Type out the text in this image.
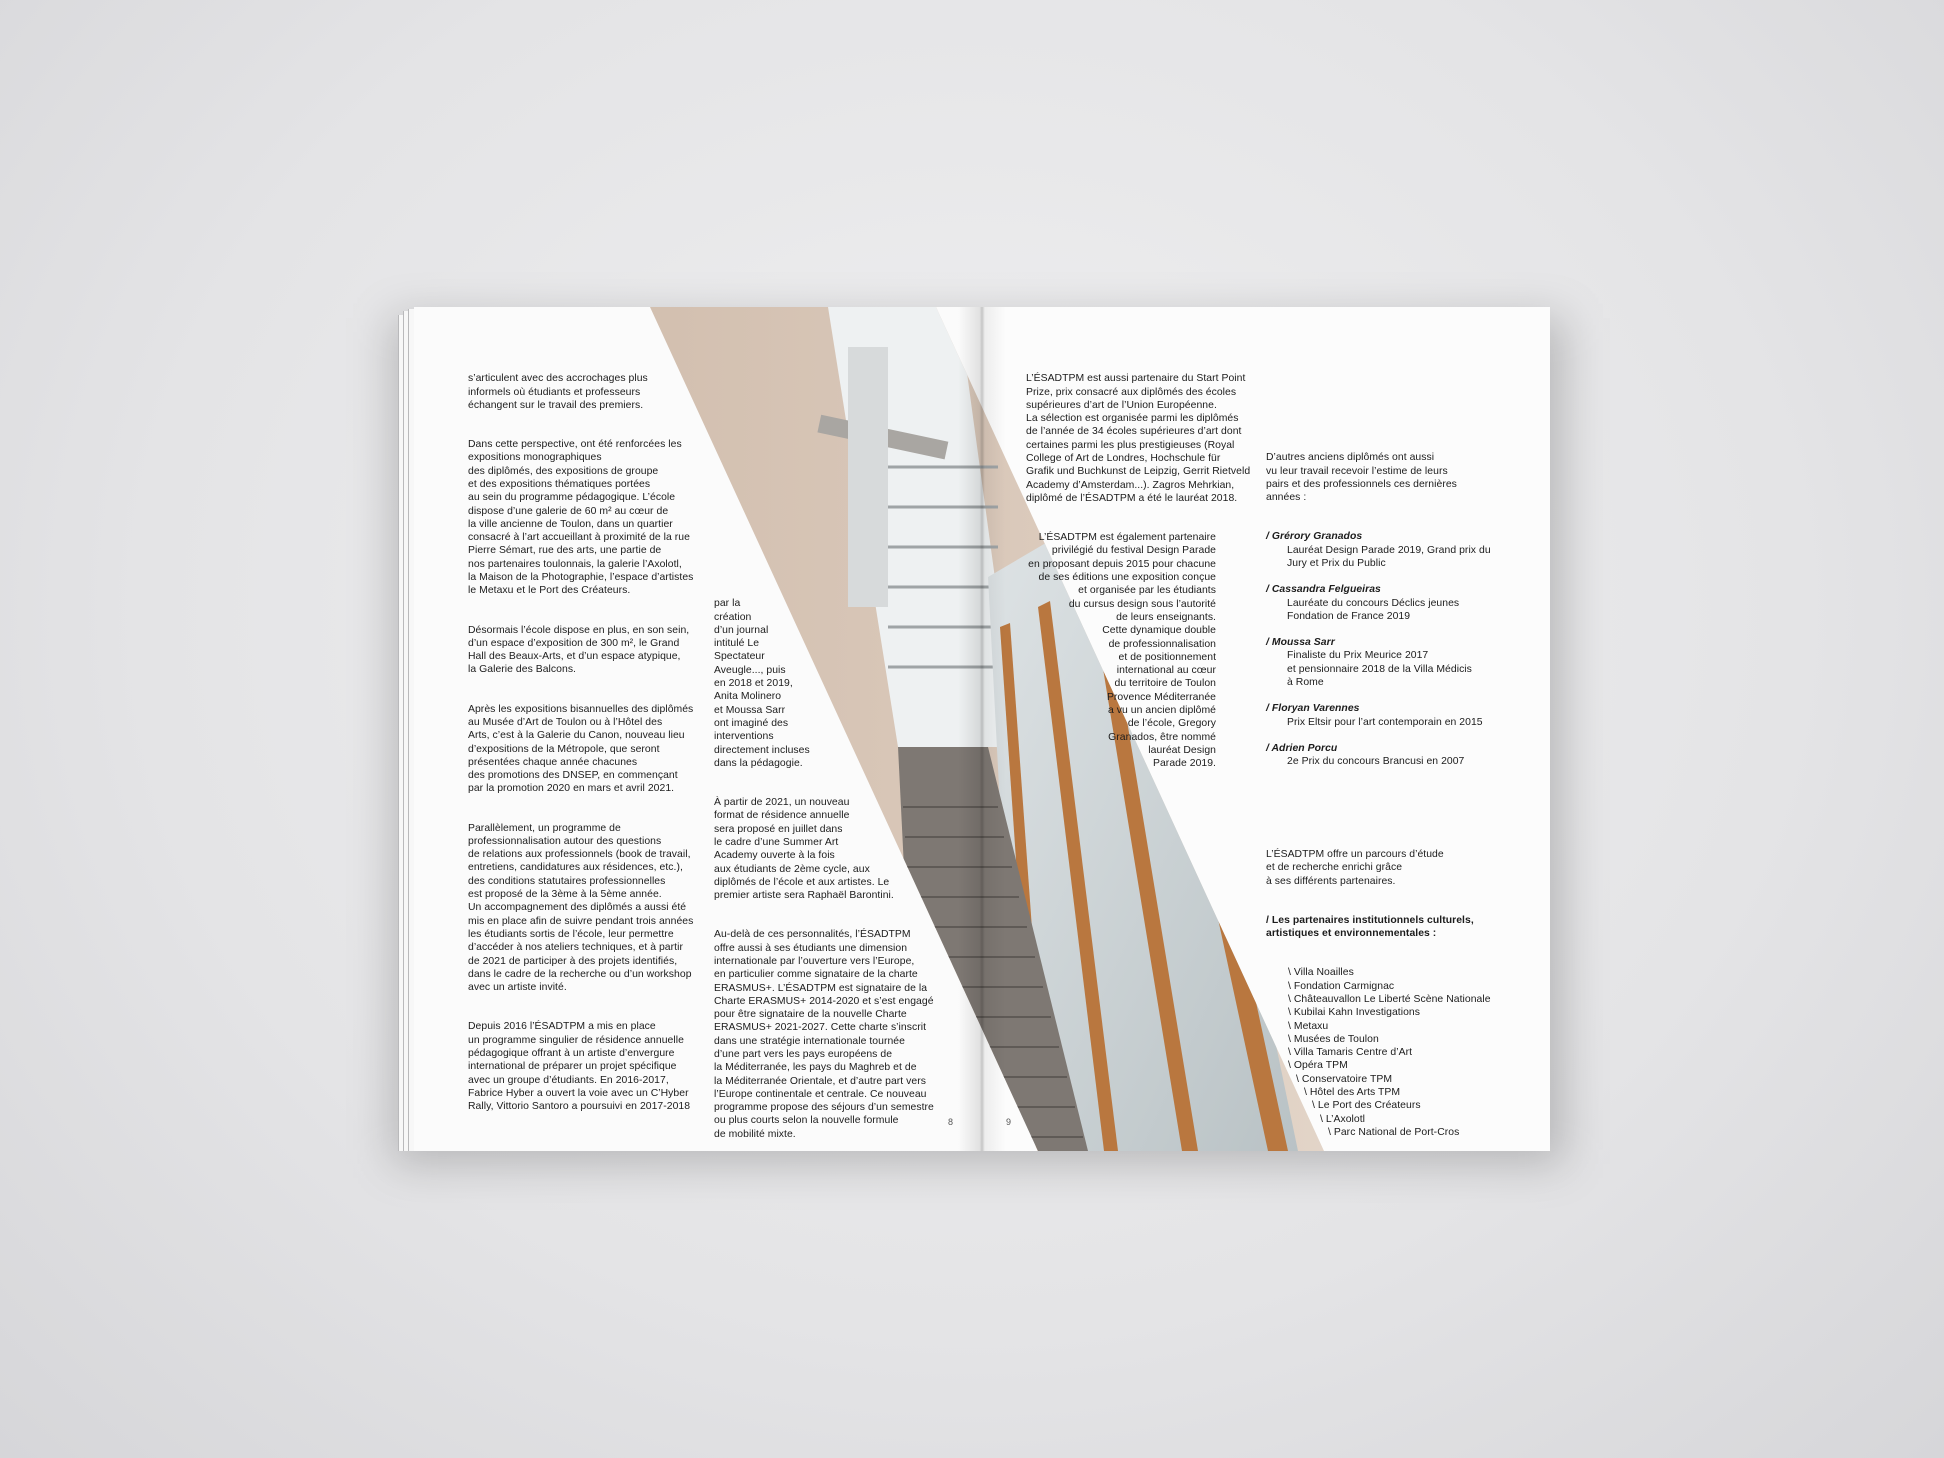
s’articulent avec des accrochages plus
informels où étudiants et professeurs
échangent sur le travail des premiers.

Dans cette perspective, ont été renforcées les
expositions monographiques
des diplômés, des expositions de groupe
et des expositions thématiques portées
au sein du programme pédagogique. L’école
dispose d’une galerie de 60 m² au cœur de
la ville ancienne de Toulon, dans un quartier
consacré à l’art accueillant à proximité de la rue
Pierre Sémart, rue des arts, une partie de
nos partenaires toulonnais, la galerie l’Axolotl,
la Maison de la Photographie, l’espace d’artistes
le Metaxu et le Port des Créateurs.

Désormais l’école dispose en plus, en son sein,
d’un espace d’exposition de 300 m², le Grand
Hall des Beaux-Arts, et d’un espace atypique,
la Galerie des Balcons.

Après les expositions bisannuelles des diplômés
au Musée d’Art de Toulon ou à l’Hôtel des
Arts, c’est à la Galerie du Canon, nouveau lieu
d’expositions de la Métropole, que seront
présentées chaque année chacunes
des promotions des DNSEP, en commençant
par la promotion 2020 en mars et avril 2021.

Parallèlement, un programme de
professionnalisation autour des questions
de relations aux professionnels (book de travail,
entretiens, candidatures aux résidences, etc.),
des conditions statutaires professionnelles
est proposé de la 3ème à la 5ème année.
Un accompagnement des diplômés a aussi été
mis en place afin de suivre pendant trois années
les étudiants sortis de l’école, leur permettre
d’accéder à nos ateliers techniques, et à partir
de 2021 de participer à des projets identifiés,
dans le cadre de la recherche ou d’un workshop
avec un artiste invité.

Depuis 2016 l’ÉSADTPM a mis en place
un programme singulier de résidence annuelle
pédagogique offrant à un artiste d’envergure
international de préparer un projet spécifique
avec un groupe d’étudiants. En 2016-2017,
Fabrice Hyber a ouvert la voie avec un C’Hyber
Rally, Vittorio Santoro a poursuivi en 2017-2018

par la
création
d’un journal
intitulé Le
Spectateur
Aveugle..., puis
en 2018 et 2019,
Anita Molinero
et Moussa Sarr
ont imaginé des
interventions
directement incluses
dans la pédagogie.

À partir de 2021, un nouveau
format de résidence annuelle
sera proposé en juillet dans
le cadre d’une Summer Art
Academy ouverte à la fois
aux étudiants de 2ème cycle, aux
diplômés de l’école et aux artistes. Le
premier artiste sera Raphaël Barontini.

Au-delà de ces personnalités, l’ÉSADTPM
offre aussi à ses étudiants une dimension
internationale par l’ouverture vers l’Europe,
en particulier comme signataire de la charte
ERASMUS+. L’ÉSADTPM est signataire de la
Charte ERASMUS+ 2014-2020 et s’est engagé
pour être signataire de la nouvelle Charte
ERASMUS+ 2021-2027. Cette charte s’inscrit
dans une stratégie internationale tournée
d’une part vers les pays européens de
la Méditerranée, les pays du Maghreb et de
la Méditerranée Orientale, et d’autre part vers
l’Europe continentale et centrale. Ce nouveau
programme propose des séjours d’un semestre
ou plus courts selon la nouvelle formule
de mobilité mixte.

8

L’ÉSADTPM est aussi partenaire du Start Point
Prize, prix consacré aux diplômés des écoles
supérieures d’art de l’Union Européenne.
La sélection est organisée parmi les diplômés
de l’année de 34 écoles supérieures d’art dont
certaines parmi les plus prestigieuses (Royal
College of Art de Londres, Hochschule für
Grafik und Buchkunst de Leipzig, Gerrit Rietveld
Academy d’Amsterdam...). Zagros Mehrkian,
diplômé de l’ÉSADTPM a été le lauréat 2018.

L’ÉSADTPM est également partenaire
privilégié du festival Design Parade
en proposant depuis 2015 pour chacune
de ses éditions une exposition conçue
et organisée par les étudiants
du cursus design sous l’autorité
de leurs enseignants.
Cette dynamique double
de professionnalisation
et de positionnement
international au cœur
du territoire de Toulon
Provence Méditerranée
a vu un ancien diplômé
de l’école, Gregory
Granados, être nommé
lauréat Design
Parade 2019.

9

D’autres anciens diplômés ont aussi
vu leur travail recevoir l’estime de leurs
pairs et des professionnels ces dernières
années :

/ Grérory Granados
Lauréat Design Parade 2019, Grand prix du
Jury et Prix du Public
/ Cassandra Felgueiras
Lauréate du concours Déclics jeunes
Fondation de France 2019
/ Moussa Sarr
Finaliste du Prix Meurice 2017
et pensionnaire 2018 de la Villa Médicis
à Rome
/ Floryan Varennes
Prix Eltsir pour l’art contemporain en 2015
/ Adrien Porcu
2e Prix du concours Brancusi en 2007

L’ÉSADTPM offre un parcours d’étude
et de recherche enrichi grâce
à ses différents partenaires.

/ Les partenaires institutionnels culturels,
artistiques et environnementales :

\ Villa Noailles
\ Fondation Carmignac
\ Châteauvallon Le Liberté Scène Nationale
\ Kubilai Kahn Investigations
\ Metaxu
\ Musées de Toulon
\ Villa Tamaris Centre d’Art
\ Opéra TPM
\ Conservatoire TPM
\ Hôtel des Arts TPM
\ Le Port des Créateurs
\ L’Axolotl
\ Parc National de Port-Cros
